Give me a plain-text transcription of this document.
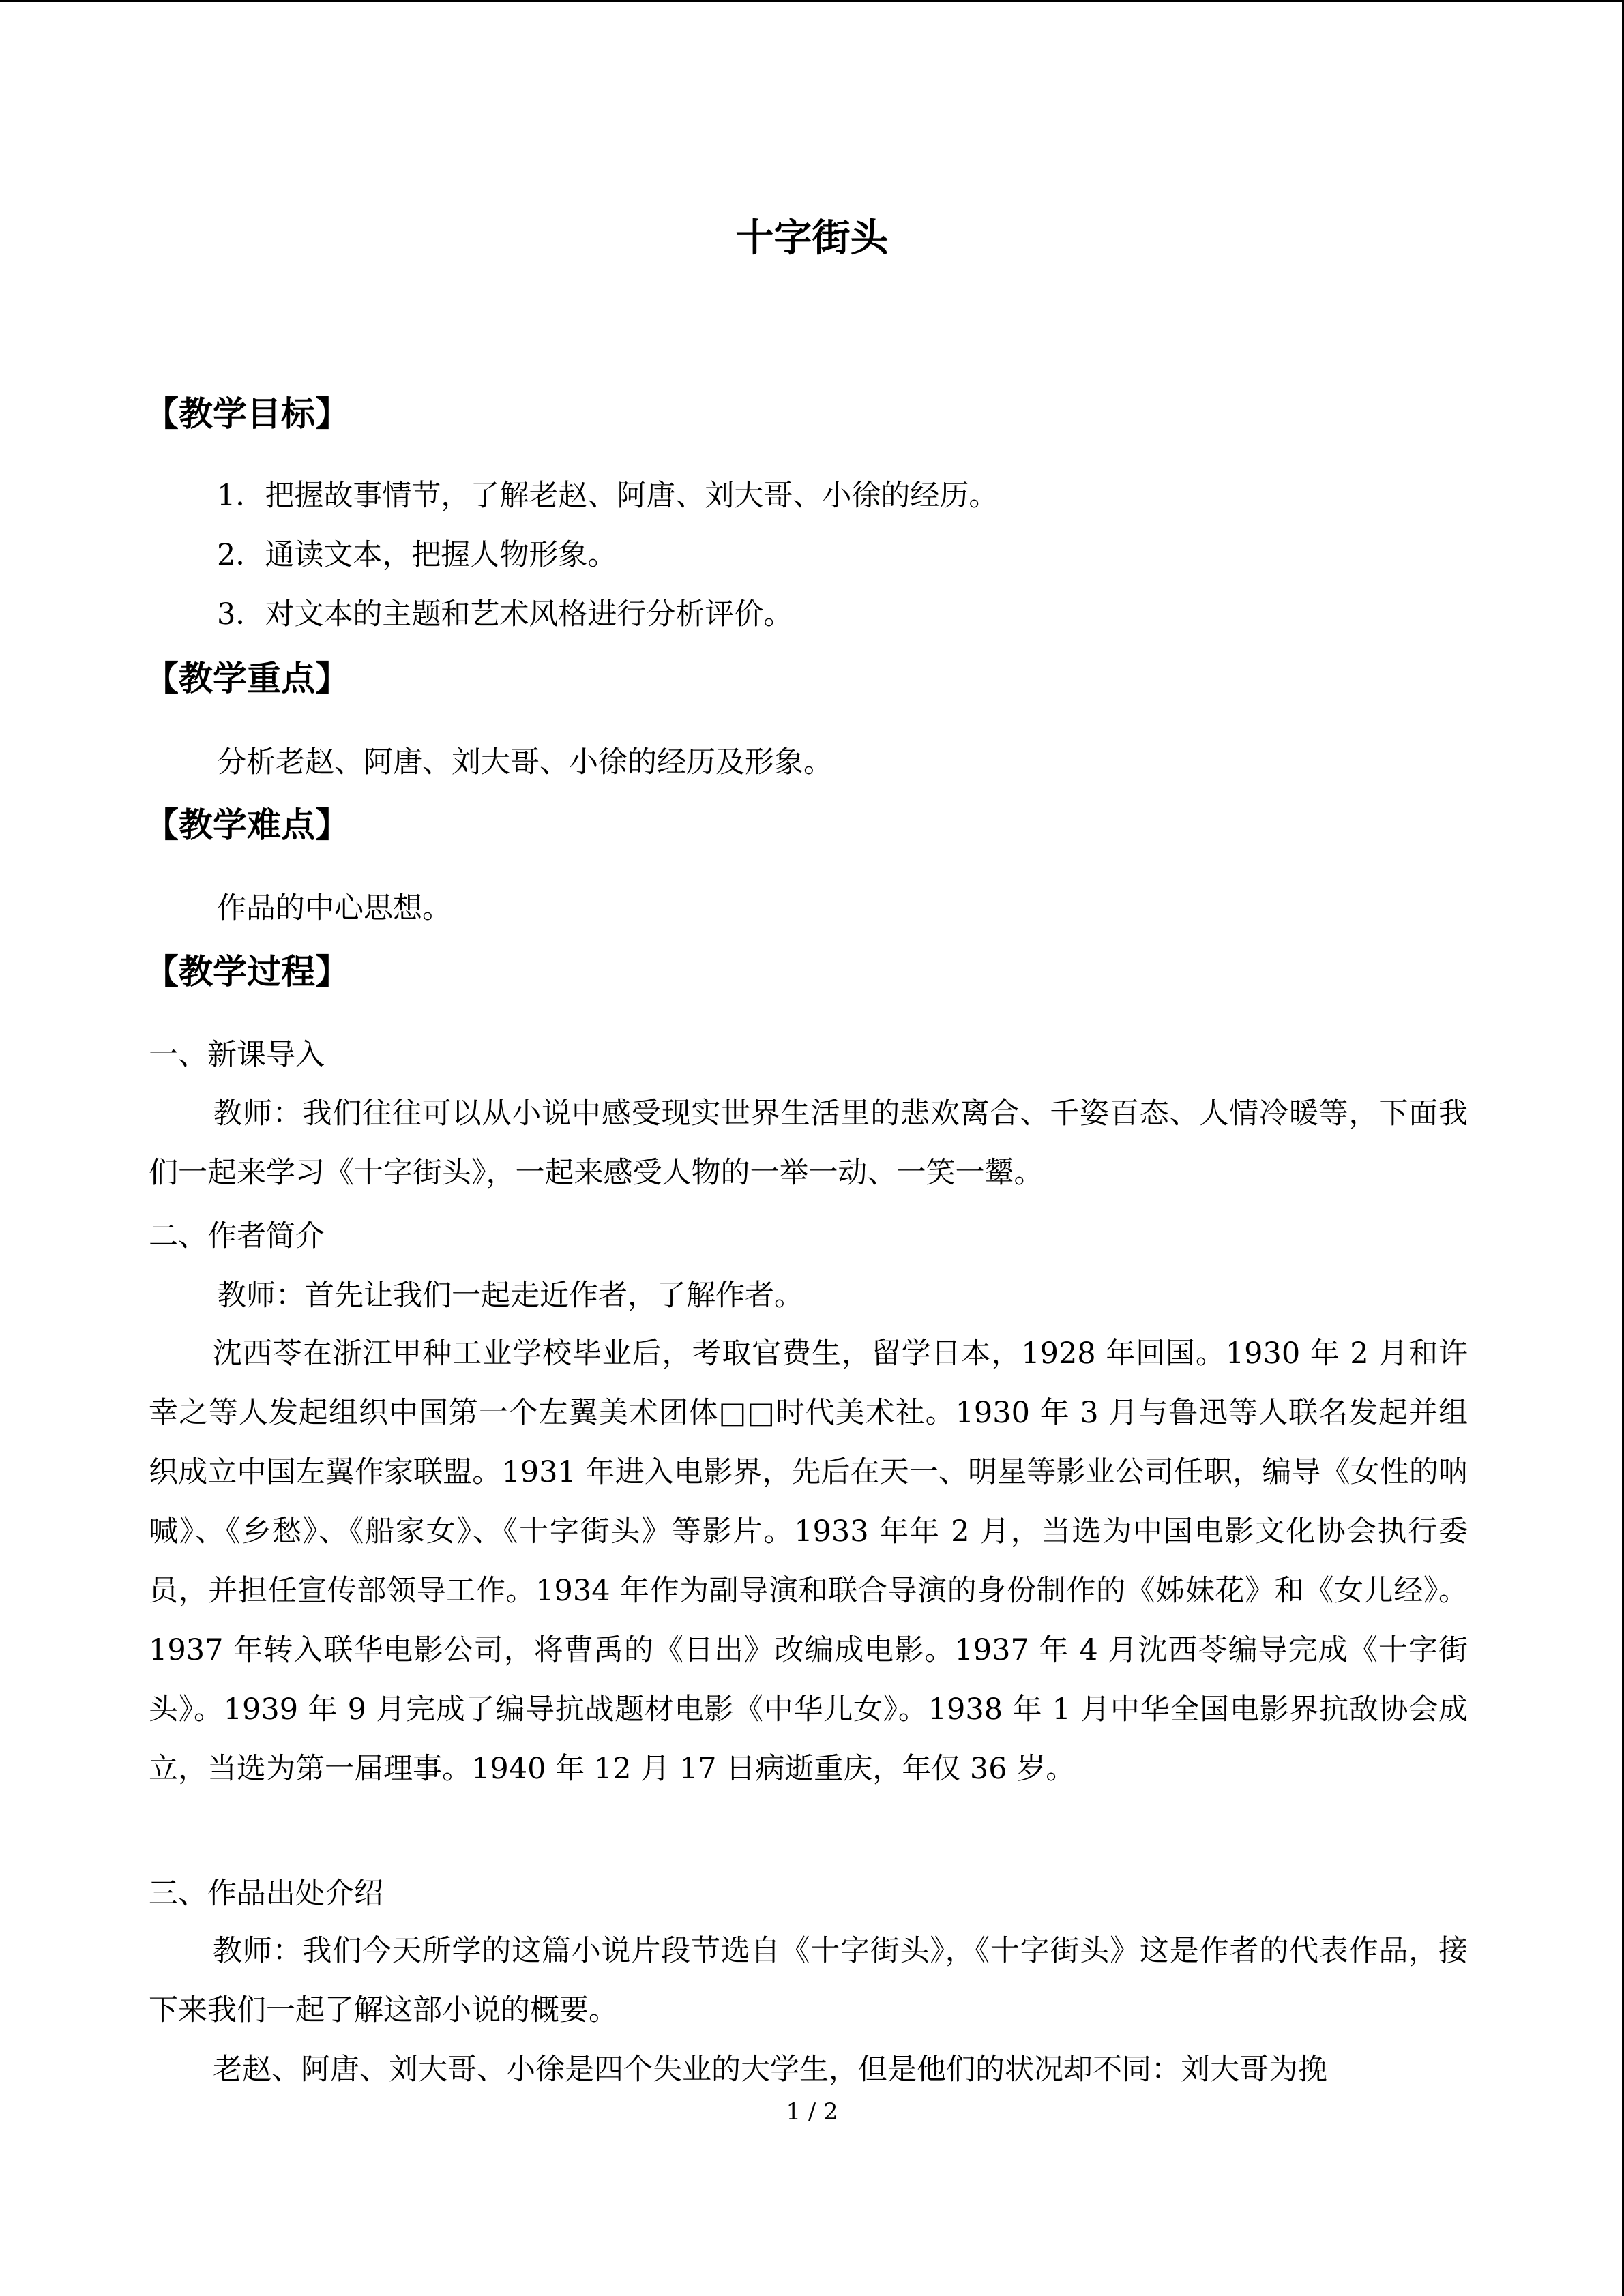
十字街头
【教学目标】
1．把握故事情节，了解老赵、阿唐、刘大哥、小徐的经历。
2．通读文本，把握人物形象。
3．对文本的主题和艺术风格进行分析评价。
【教学重点】
分析老赵、阿唐、刘大哥、小徐的经历及形象。
【教学难点】
作品的中心思想。
【教学过程】
一、新课导入

教师：我们往往可以从小说中感受现实世界生活里的悲欢离合、千姿百态、人情冷暖等，下面我们一起来学习《十字街头》，一起来感受人物的一举一动、一笑一颦。

二、作者简介
教师：首先让我们一起走近作者，了解作者。

沈西苓在浙江甲种工业学校毕业后，考取官费生，留学日本，1928 年回国。1930 年 2 月和许幸之等人发起组织中国第一个左翼美术团体□□时代美术社。1930 年 3 月与鲁迅等人联名发起并组织成立中国左翼作家联盟。1931 年进入电影界，先后在天一、明星等影业公司任职，编导《女性的呐喊》、《乡愁》、《船家女》、《十字街头》等影片。1933 年年 2 月，当选为中国电影文化协会执行委员，并担任宣传部领导工作。1934 年作为副导演和联合导演的身份制作的《姊妹花》和《女儿经》。1937 年转入联华电影公司，将曹禹的《日出》改编成电影。1937 年 4 月沈西苓编导完成《十字街头》。1939 年 9 月完成了编导抗战题材电影《中华儿女》。1938 年 1 月中华全国电影界抗敌协会成立，当选为第一届理事。1940 年 12 月 17 日病逝重庆，年仅 36 岁。

三、作品出处介绍

教师：我们今天所学的这篇小说片段节选自《十字街头》，《十字街头》这是作者的代表作品，接下来我们一起了解这部小说的概要。

老赵、阿唐、刘大哥、小徐是四个失业的大学生，但是他们的状况却不同：刘大哥为挽

1 / 2
